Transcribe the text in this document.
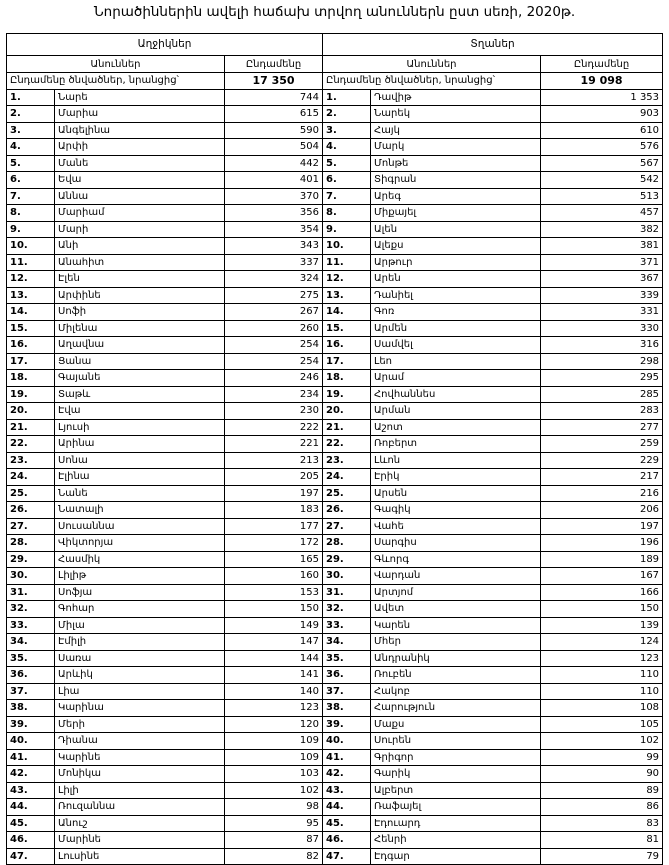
Նորածիններին ավելի հաճախ տրվող անուններն ըստ սեռի, 2020թ.
Աղջիկներ			Տղաներ		
Անուններ		Ընդամենը	Անուններ		Ընդամենը
Ընդամենը ծնվածներ, նրանցից՝		17 350	Ընդամենը ծնվածներ, նրանցից՝		19 098
1.	Նարե	744	1.	Դավիթ	1 353
2.	Մարիա	615	2.	Նարեկ	903
3.	Անգելինա	590	3.	Հայկ	610
4.	Արփի	504	4.	Մարկ	576
5.	Մանե	442	5.	Մոնթե	567
6.	Եվա	401	6.	Տիգրան	542
7.	Աննա	370	7.	Արեգ	513
8.	Մարիամ	356	8.	Միքայել	457
9.	Մարի	354	9.	Ալեն	382
10.	Անի	343	10.	Ալեքս	381
11.	Անահիտ	337	11.	Արթուր	371
12.	Էլեն	324	12.	Արեն	367
13.	Արփինե	275	13.	Դանիել	339
14.	Սոֆի	267	14.	Գոռ	331
15.	Միլենա	260	15.	Արմեն	330
16.	Աղավնա	254	16.	Սամվել	316
17.	Ցանա	254	17.	Լեո	298
18.	Գայանե	246	18.	Արամ	295
19.	Տաթև	234	19.	Հովհաննես	285
20.	Էվա	230	20.	Արման	283
21.	Լյուսի	222	21.	Աշոտ	277
22.	Արինա	221	22.	Ռոբերտ	259
23.	Սոնա	213	23.	Լևոն	229
24.	Էլինա	205	24.	Էրիկ	217
25.	Նանե	197	25.	Արսեն	216
26.	Նատալի	183	26.	Գագիկ	206
27.	Սուսաննա	177	27.	Վահե	197
28.	Վիկտորյա	172	28.	Սարգիս	196
29.	Հասմիկ	165	29.	Գևորգ	189
30.	Լիլիթ	160	30.	Վարդան	167
31.	Սոֆյա	153	31.	Արտյոմ	166
32.	Գոհար	150	32.	Ավետ	150
33.	Միլա	149	33.	Կարեն	139
34.	Էմիլի	147	34.	Մհեր	124
35.	Սառա	144	35.	Անդրանիկ	123
36.	Արևիկ	141	36.	Ռուբեն	110
37.	Լիա	140	37.	Հակոբ	110
38.	Կարինա	123	38.	Հարություն	108
39.	Մերի	120	39.	Մաքս	105
40.	Դիանա	109	40.	Սուրեն	102
41.	Կարինե	109	41.	Գրիգոր	99
42.	Մոնիկա	103	42.	Գարիկ	90
43.	Լիլի	102	43.	Ալբերտ	89
44.	Ռուզաննա	98	44.	Ռաֆայել	86
45.	Անուշ	95	45.	Էդուարդ	83
46.	Մարինե	87	46.	Հենրի	81
47.	Լուսինե	82	47.	Էդգար	79
